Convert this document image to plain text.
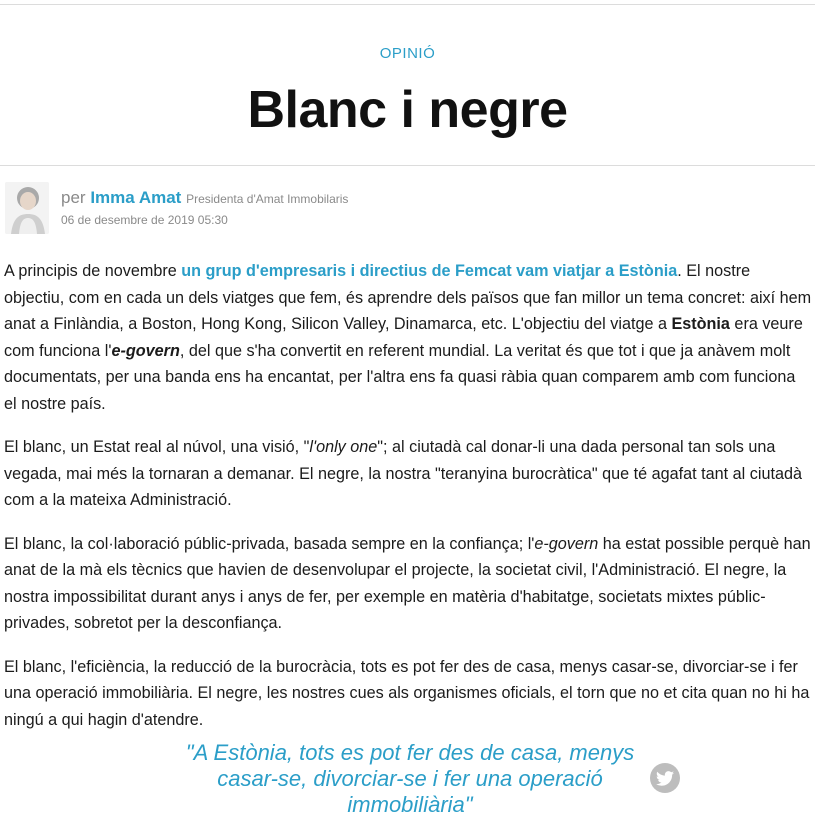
OPINIÓ
Blanc i negre
per Imma Amat Presidenta d'Amat Immobilaris
06 de desembre de 2019 05:30

A principis de novembre un grup d'empresaris i directius de Femcat vam viatjar a Estònia. El nostre objectiu, com en cada un dels viatges que fem, és aprendre dels països que fan millor un tema concret: així hem anat a Finlàndia, a Boston, Hong Kong, Silicon Valley, Dinamarca, etc. L'objectiu del viatge a Estònia era veure com funciona l'e-govern, del que s'ha convertit en referent mundial. La veritat és que tot i que ja anàvem molt documentats, per una banda ens ha encantat, per l'altra ens fa quasi ràbia quan comparem amb com funciona el nostre país.

El blanc, un Estat real al núvol, una visió, "l'only one"; al ciutadà cal donar-li una dada personal tan sols una vegada, mai més la tornaran a demanar. El negre, la nostra "teranyina burocràtica" que té agafat tant al ciutadà com a la mateixa Administració.

El blanc, la col·laboració públic-privada, basada sempre en la confiança; l'e-govern ha estat possible perquè han anat de la mà els tècnics que havien de desenvolupar el projecte, la societat civil, l'Administració. El negre, la nostra impossibilitat durant anys i anys de fer, per exemple en matèria d'habitatge, societats mixtes públic-privades, sobretot per la desconfiança.

El blanc, l'eficiència, la reducció de la burocràcia, tots es pot fer des de casa, menys casar-se, divorciar-se i fer una operació immobiliària. El negre, les nostres cues als organismes oficials, el torn que no et cita quan no hi ha ningú a qui hagin d'atendre.

"A Estònia, tots es pot fer des de casa, menys casar-se, divorciar-se i fer una operació immobiliària"
